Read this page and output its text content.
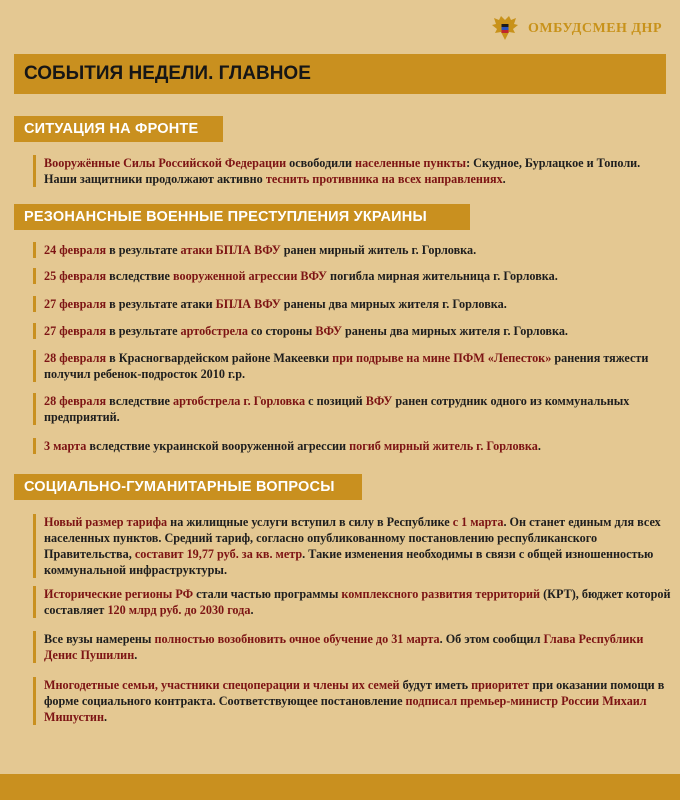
ОМБУДСМЕН ДНР
СОБЫТИЯ НЕДЕЛИ. ГЛАВНОЕ
СИТУАЦИЯ НА ФРОНТЕ
Вооружённые Силы Российской Федерации освободили населенные пункты: Скудное, Бурлацкое и Тополи. Наши защитники продолжают активно теснить противника на всех направлениях.
РЕЗОНАНСНЫЕ ВОЕННЫЕ ПРЕСТУПЛЕНИЯ УКРАИНЫ
24 февраля в результате атаки БПЛА ВФУ ранен мирный житель г. Горловка.
25 февраля вследствие вооруженной агрессии ВФУ погибла мирная жительница г. Горловка.
27 февраля в результате атаки БПЛА ВФУ ранены два мирных жителя г. Горловка.
27 февраля в результате артобстрела со стороны ВФУ ранены два мирных жителя г. Горловка.
28 февраля в Красногвардейском районе Макеевки при подрыве на мине ПФМ «Лепесток» ранения тяжести получил ребенок-подросток 2010 г.р.
28 февраля вследствие артобстрела г. Горловка с позиций ВФУ ранен сотрудник одного из коммунальных предприятий.
3 марта вследствие украинской вооруженной агрессии погиб мирный житель г. Горловка.
СОЦИАЛЬНО-ГУМАНИТАРНЫЕ ВОПРОСЫ
Новый размер тарифа на жилищные услуги вступил в силу в Республике с 1 марта. Он станет единым для всех населенных пунктов. Средний тариф, согласно опубликованному постановлению республиканского Правительства, составит 19,77 руб. за кв. метр. Такие изменения необходимы в связи с общей изношенностью коммунальной инфраструктуры.
Исторические регионы РФ стали частью программы комплексного развития территорий (КРТ), бюджет которой составляет 120 млрд руб. до 2030 года.
Все вузы намерены полностью возобновить очное обучение до 31 марта. Об этом сообщил Глава Республики Денис Пушилин.
Многодетные семьи, участники спецоперации и члены их семей будут иметь приоритет при оказании помощи в форме социального контракта. Соответствующее постановление подписал премьер-министр России Михаил Мишустин.
